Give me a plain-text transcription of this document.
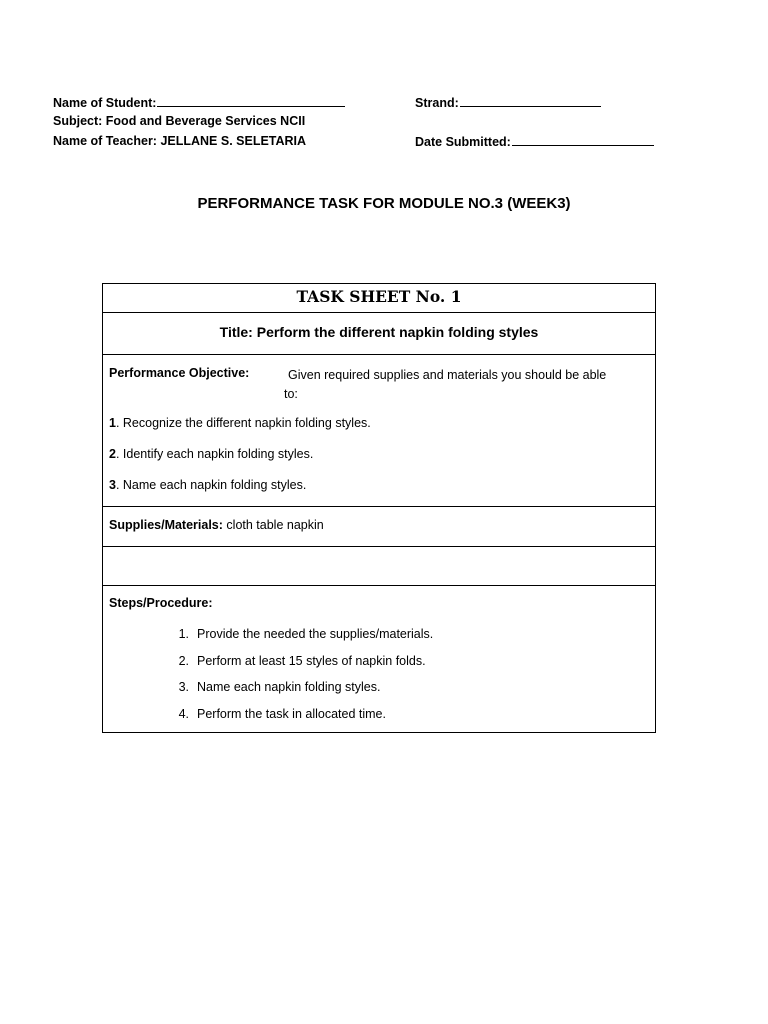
Name of Student:	Strand:
Subject: Food and Beverage Services NCII
Name of Teacher: JELLANE S. SELETARIA	Date Submitted:
PERFORMANCE TASK FOR MODULE NO.3 (WEEK3)
TASK SHEET No. 1
Title: Perform the different napkin folding styles
Performance Objective:	Given required supplies and materials you should be able
to:
1. Recognize the different napkin folding styles.
2. Identify each napkin folding styles.
3. Name each napkin folding styles.
Supplies/Materials: cloth table napkin
Steps/Procedure:
1. Provide the needed the supplies/materials.
2. Perform at least 15 styles of napkin folds.
3. Name each napkin folding styles.
4. Perform the task in allocated time.
